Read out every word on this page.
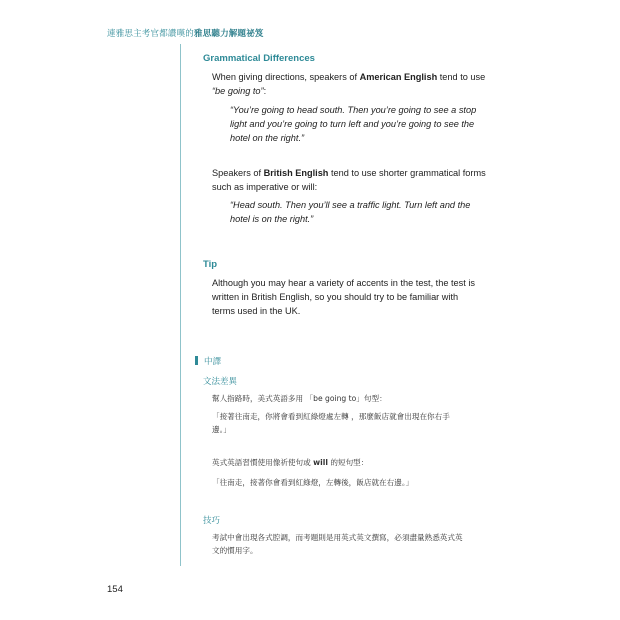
連雅思主考官都讚嘆的雅思聽力解題祕笈
Grammatical Differences
When giving directions, speakers of American English tend to use
“be going to”:
“You’re going to head south. Then you’re going to see a stop
light and you’re going to turn left and you’re going to see the
hotel on the right.”
Speakers of British English tend to use shorter grammatical forms
such as imperative or will:
“Head south. Then you’ll see a traffic light. Turn left and the
hotel is on the right.”
Tip
Although you may hear a variety of accents in the test, the test is
written in British English, so you should try to be familiar with
terms used in the UK.
中譯
文法差異
幫人指路時，美式英語多用 「be going to」句型：
「接著往南走，你將會看到紅綠燈處左轉 ，那麼飯店就會出現在你右手
邊。」
英式英語習慣使用像祈使句或 will 的短句型：
「往南走，接著你會看到紅綠燈，左轉後，飯店就在右邊。」
技巧
考試中會出現各式腔調，而考題則是用英式英文撰寫，必須盡量熟悉英式英
文的慣用字。
154
